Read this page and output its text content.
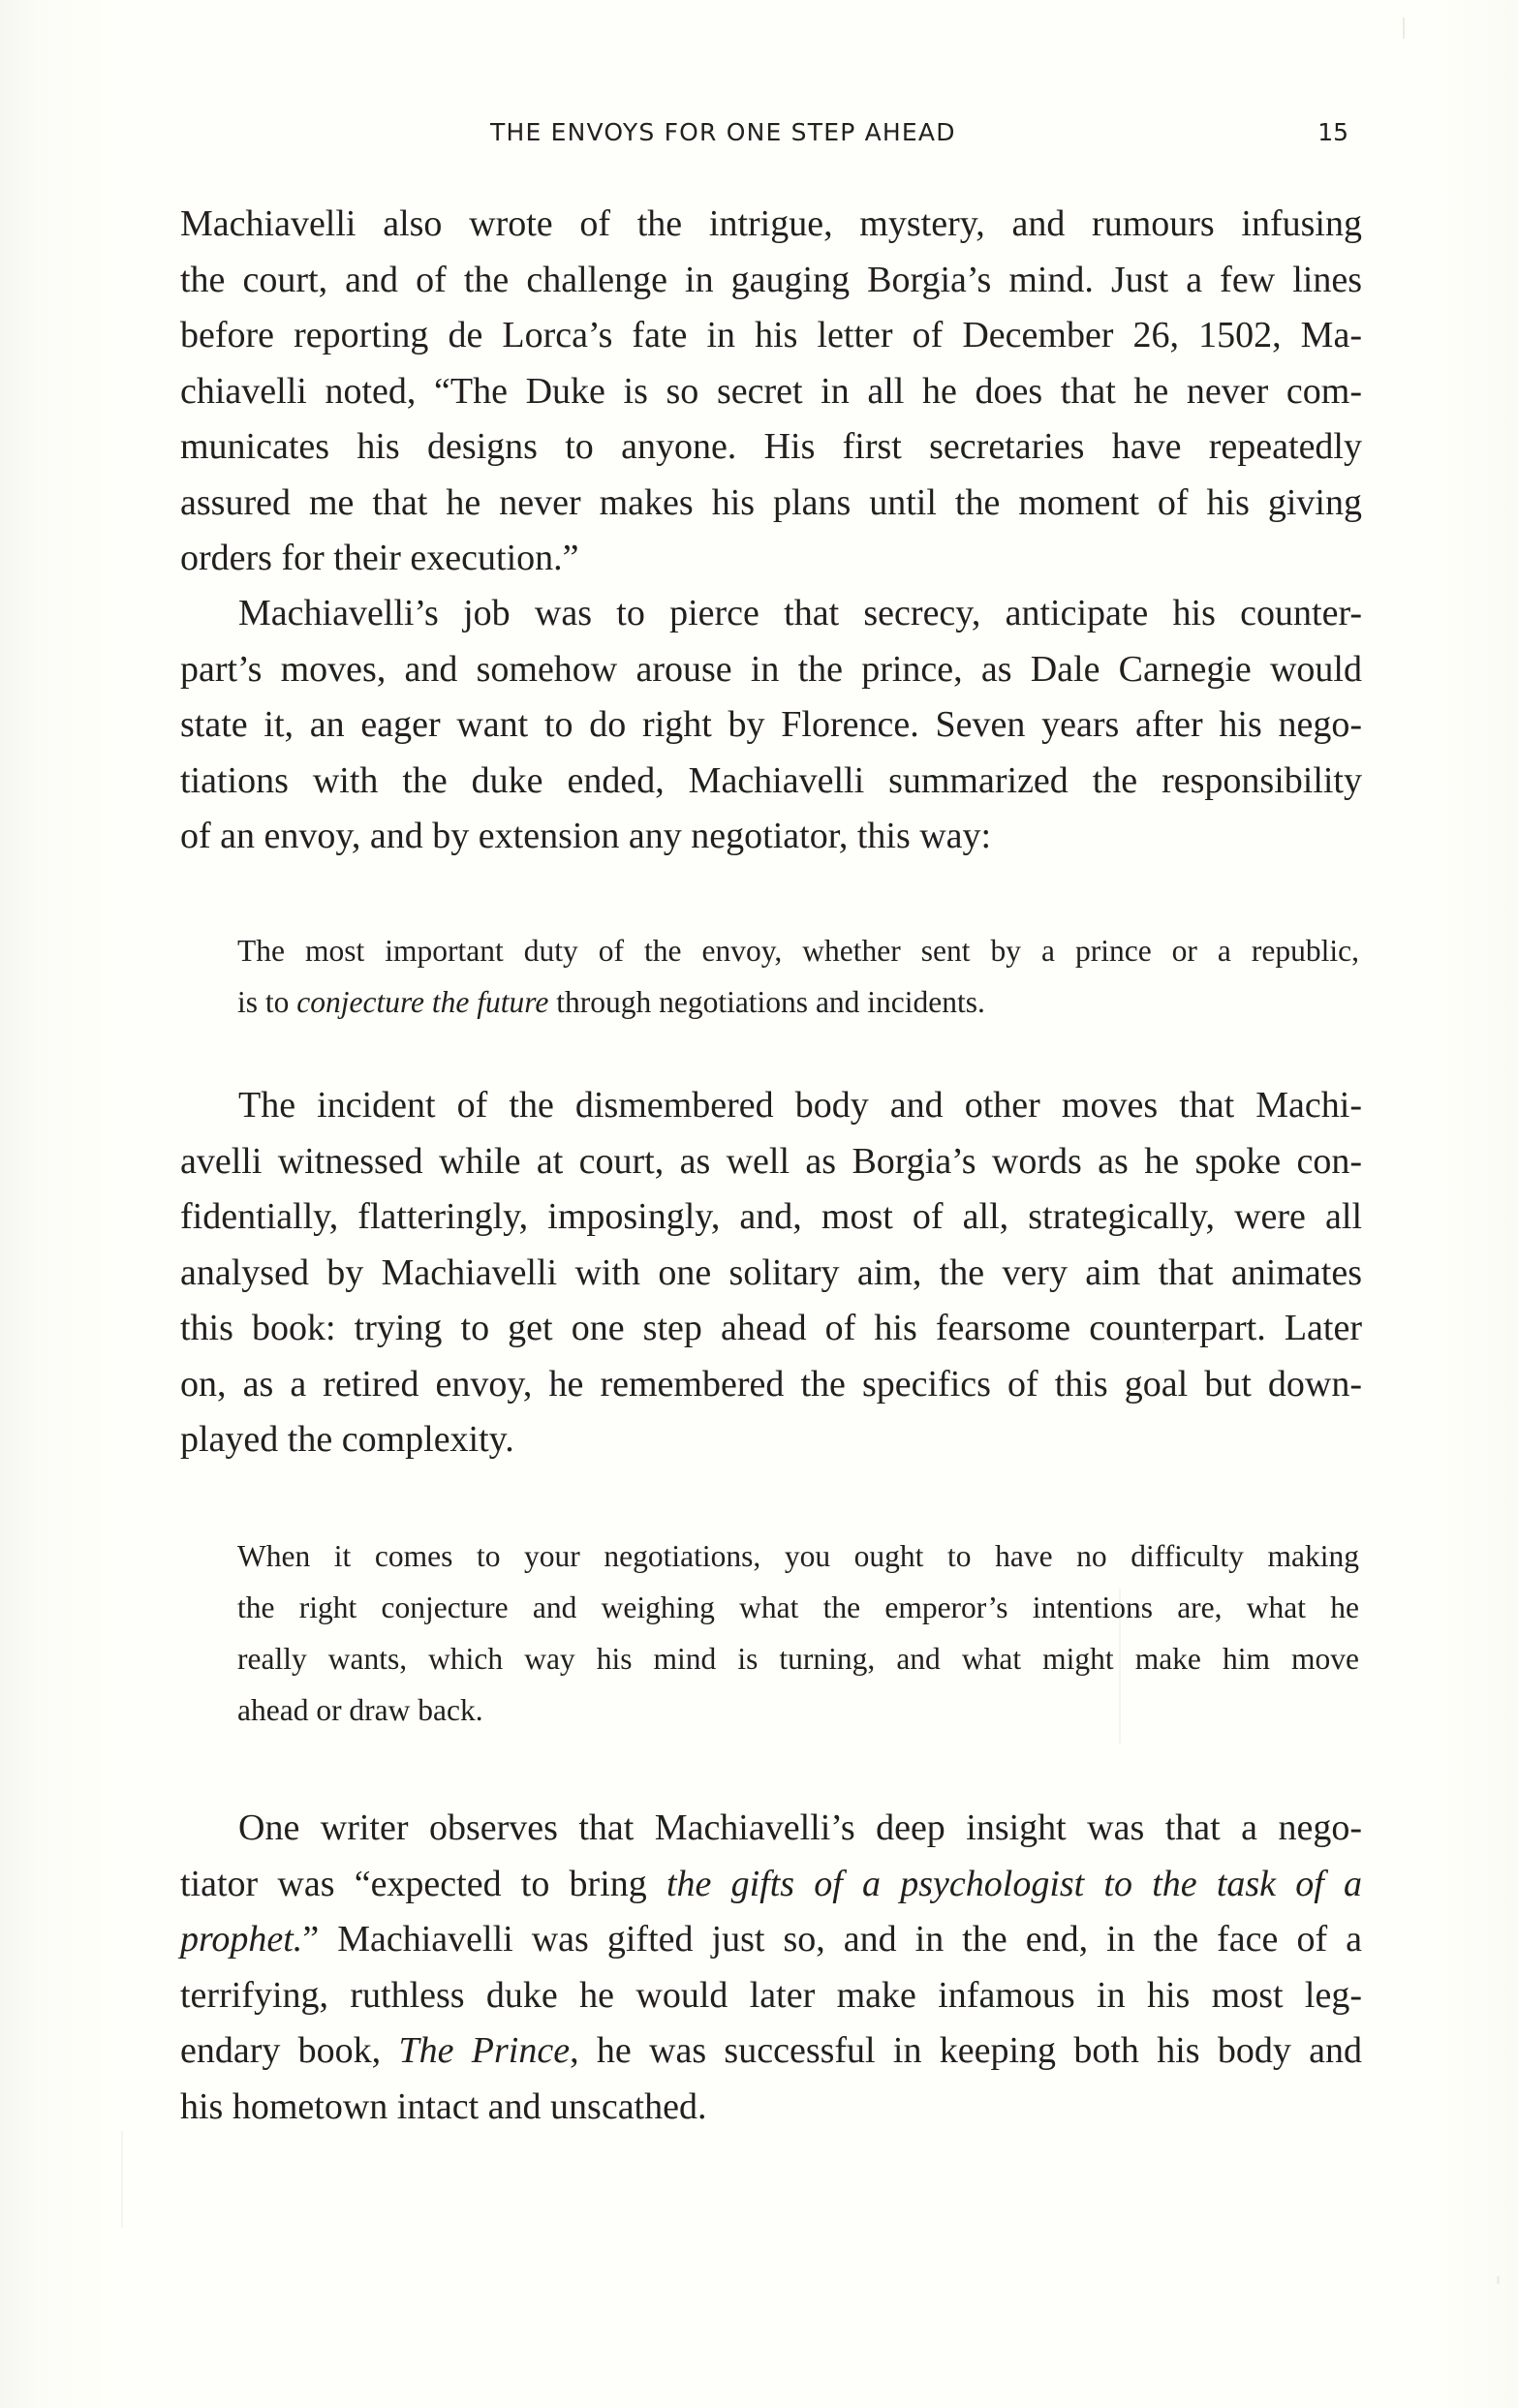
THE ENVOYS FOR ONE STEP AHEAD	15
Machiavelli also wrote of the intrigue, mystery, and rumours infusing
the court, and of the challenge in gauging Borgia’s mind. Just a few lines
before reporting de Lorca’s fate in his letter of December 26, 1502, Ma-
chiavelli noted, “The Duke is so secret in all he does that he never com-
municates his designs to anyone. His first secretaries have repeatedly
assured me that he never makes his plans until the moment of his giving
orders for their execution.”
Machiavelli’s job was to pierce that secrecy, anticipate his counter-
part’s moves, and somehow arouse in the prince, as Dale Carnegie would
state it, an eager want to do right by Florence. Seven years after his nego-
tiations with the duke ended, Machiavelli summarized the responsibility
of an envoy, and by extension any negotiator, this way:
The most important duty of the envoy, whether sent by a prince or a republic,
is to conjecture the future through negotiations and incidents.
The incident of the dismembered body and other moves that Machi-
avelli witnessed while at court, as well as Borgia’s words as he spoke con-
fidentially, flatteringly, imposingly, and, most of all, strategically, were all
analysed by Machiavelli with one solitary aim, the very aim that animates
this book: trying to get one step ahead of his fearsome counterpart. Later
on, as a retired envoy, he remembered the specifics of this goal but down-
played the complexity.
When it comes to your negotiations, you ought to have no difficulty making
the right conjecture and weighing what the emperor’s intentions are, what he
really wants, which way his mind is turning, and what might make him move
ahead or draw back.
One writer observes that Machiavelli’s deep insight was that a nego-
tiator was “expected to bring the gifts of a psychologist to the task of a
prophet.” Machiavelli was gifted just so, and in the end, in the face of a
terrifying, ruthless duke he would later make infamous in his most leg-
endary book, The Prince, he was successful in keeping both his body and
his hometown intact and unscathed.
